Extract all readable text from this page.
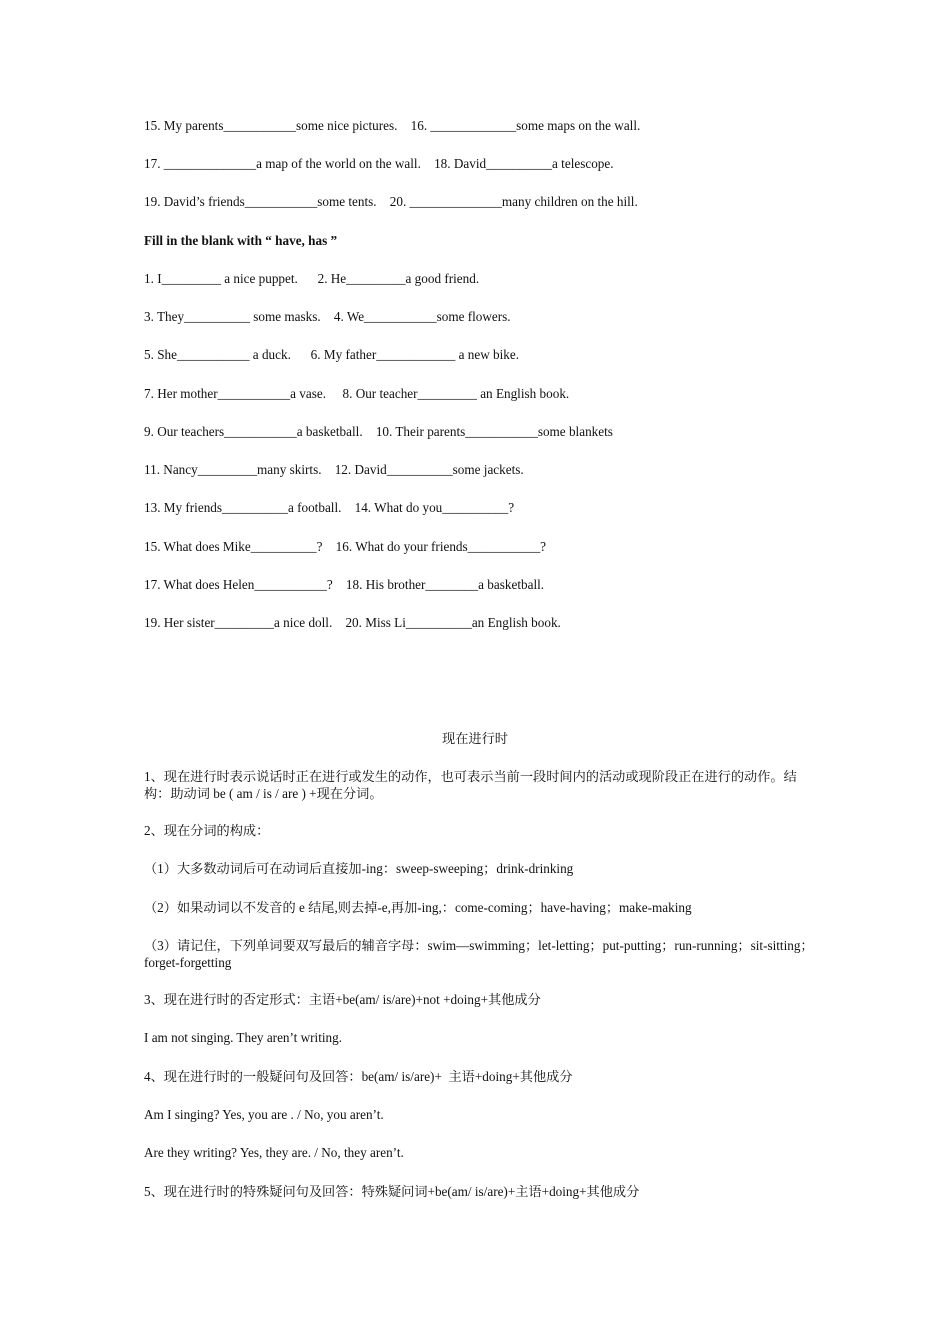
15. My parents___________some nice pictures.    16. _____________some maps on the wall.
17. ______________a map of the world on the wall.    18. David__________a telescope.
19. David’s friends___________some tents.    20. ______________many children on the hill.
Fill in the blank with “ have, has ”
1. I_________ a nice puppet.      2. He_________a good friend.
3. They__________ some masks.    4. We___________some flowers.
5. She___________ a duck.      6. My father____________ a new bike.
7. Her mother___________a vase.     8. Our teacher_________ an English book.
9. Our teachers___________a basketball.    10. Their parents___________some blankets
11. Nancy_________many skirts.    12. David__________some jackets.
13. My friends__________a football.    14. What do you__________?
15. What does Mike__________?    16. What do your friends___________?
17. What does Helen___________?    18. His brother________a basketball.
19. Her sister_________a nice doll.    20. Miss Li__________an English book.
现在进行时
1、现在进行时表示说话时正在进行或发生的动作，也可表示当前一段时间内的活动或现阶段正在进行的动作。结构：助动词 be ( am / is / are ) +现在分词。
2、现在分词的构成：
（1）大多数动词后可在动词后直接加-ing：sweep-sweeping；drink-drinking
（2）如果动词以不发音的 e 结尾,则去掉-e,再加-ing,：come-coming；have-having；make-making
（3）请记住，下列单词要双写最后的辅音字母：swim—swimming；let-letting；put-putting；run-running；sit-sitting；forget-forgetting
3、现在进行时的否定形式：主语+be(am/ is/are)+not +doing+其他成分
I am not singing. They aren’t writing.
4、现在进行时的一般疑问句及回答：be(am/ is/are)+  主语+doing+其他成分
Am I singing? Yes, you are . / No, you aren’t.
Are they writing? Yes, they are. / No, they aren’t.
5、现在进行时的特殊疑问句及回答：特殊疑问词+be(am/ is/are)+主语+doing+其他成分
